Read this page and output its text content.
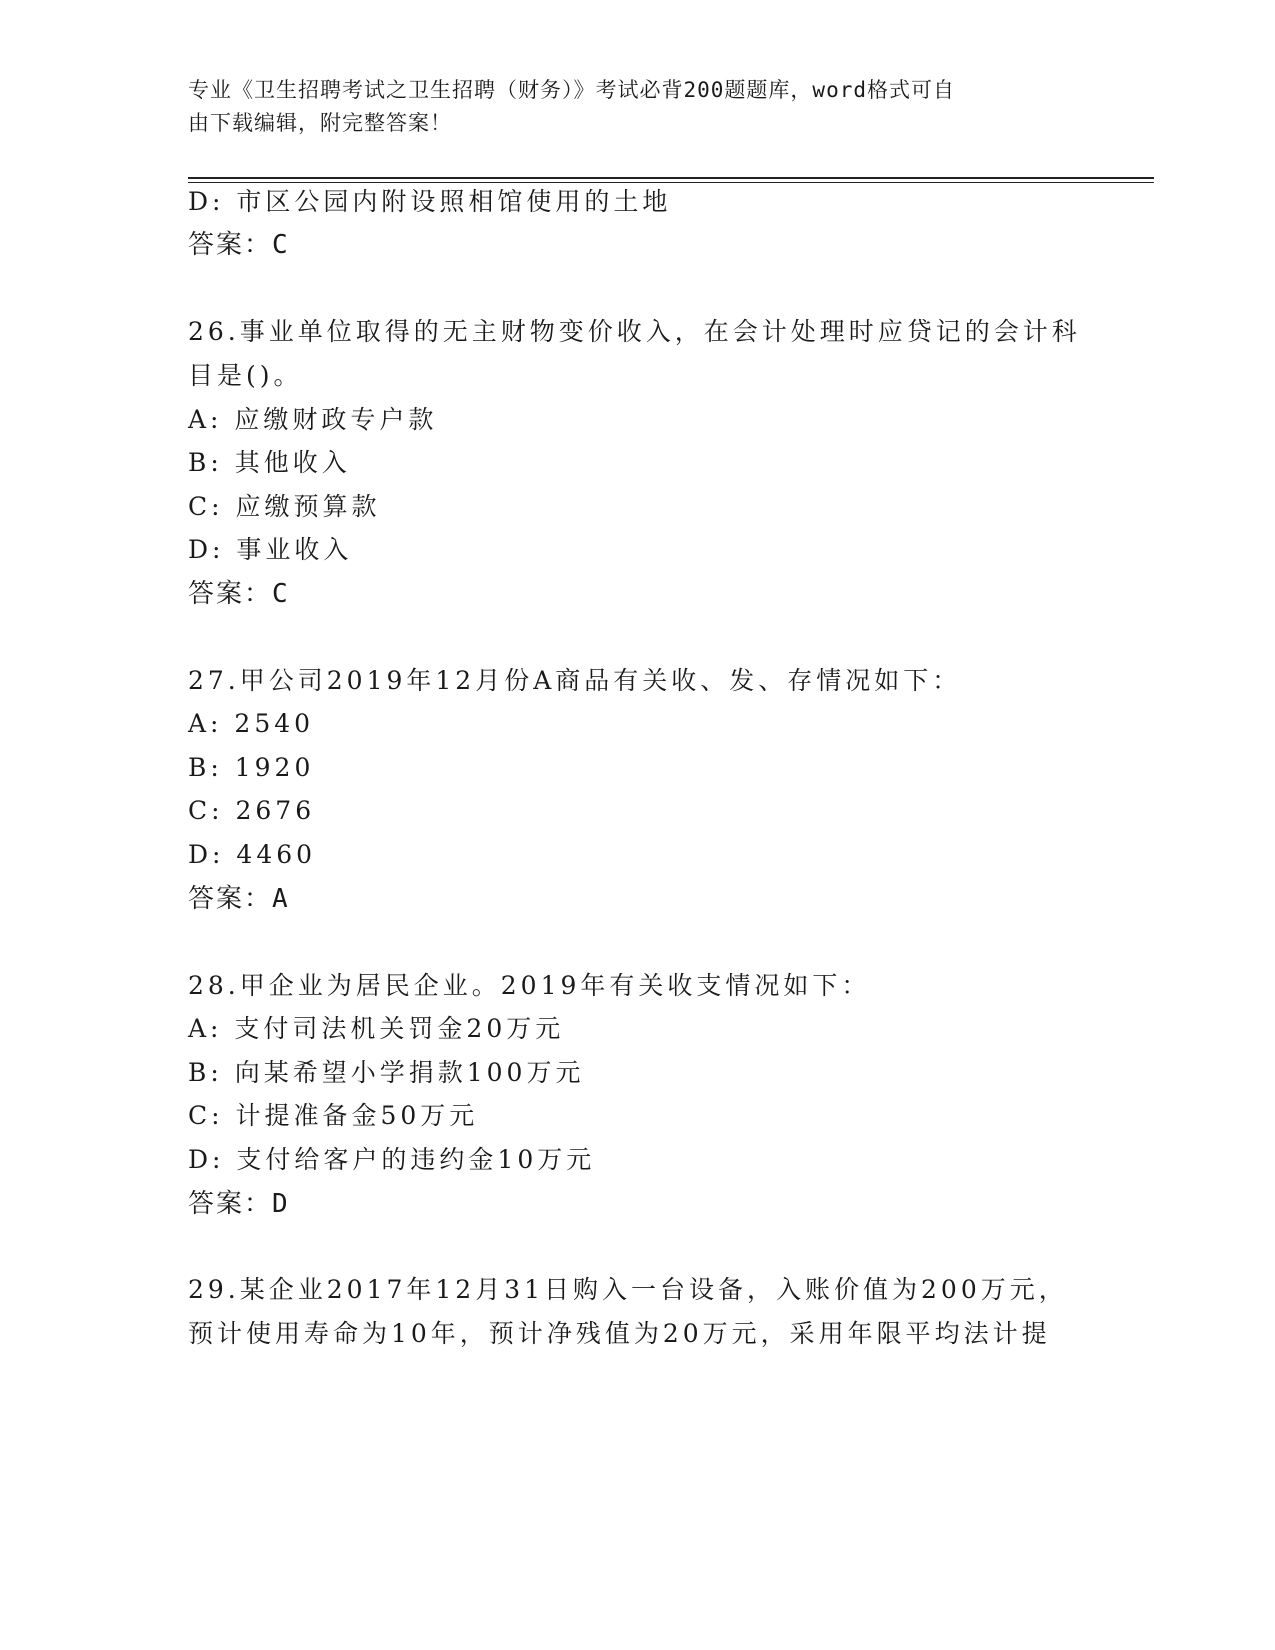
专业《卫生招聘考试之卫生招聘（财务）》考试必背200题题库，word格式可自
由下载编辑，附完整答案！
D: 市区公园内附设照相馆使用的土地
答案：C
26.事业单位取得的无主财物变价收入，在会计处理时应贷记的会计科
目是()。
A: 应缴财政专户款
B: 其他收入
C: 应缴预算款
D: 事业收入
答案：C
27.甲公司2019年12月份A商品有关收、发、存情况如下：
A: 2540
B: 1920
C: 2676
D: 4460
答案：A
28.甲企业为居民企业。2019年有关收支情况如下：
A: 支付司法机关罚金20万元
B: 向某希望小学捐款100万元
C: 计提准备金50万元
D: 支付给客户的违约金10万元
答案：D
29.某企业2017年12月31日购入一台设备，入账价值为200万元，
预计使用寿命为10年，预计净残值为20万元，采用年限平均法计提
